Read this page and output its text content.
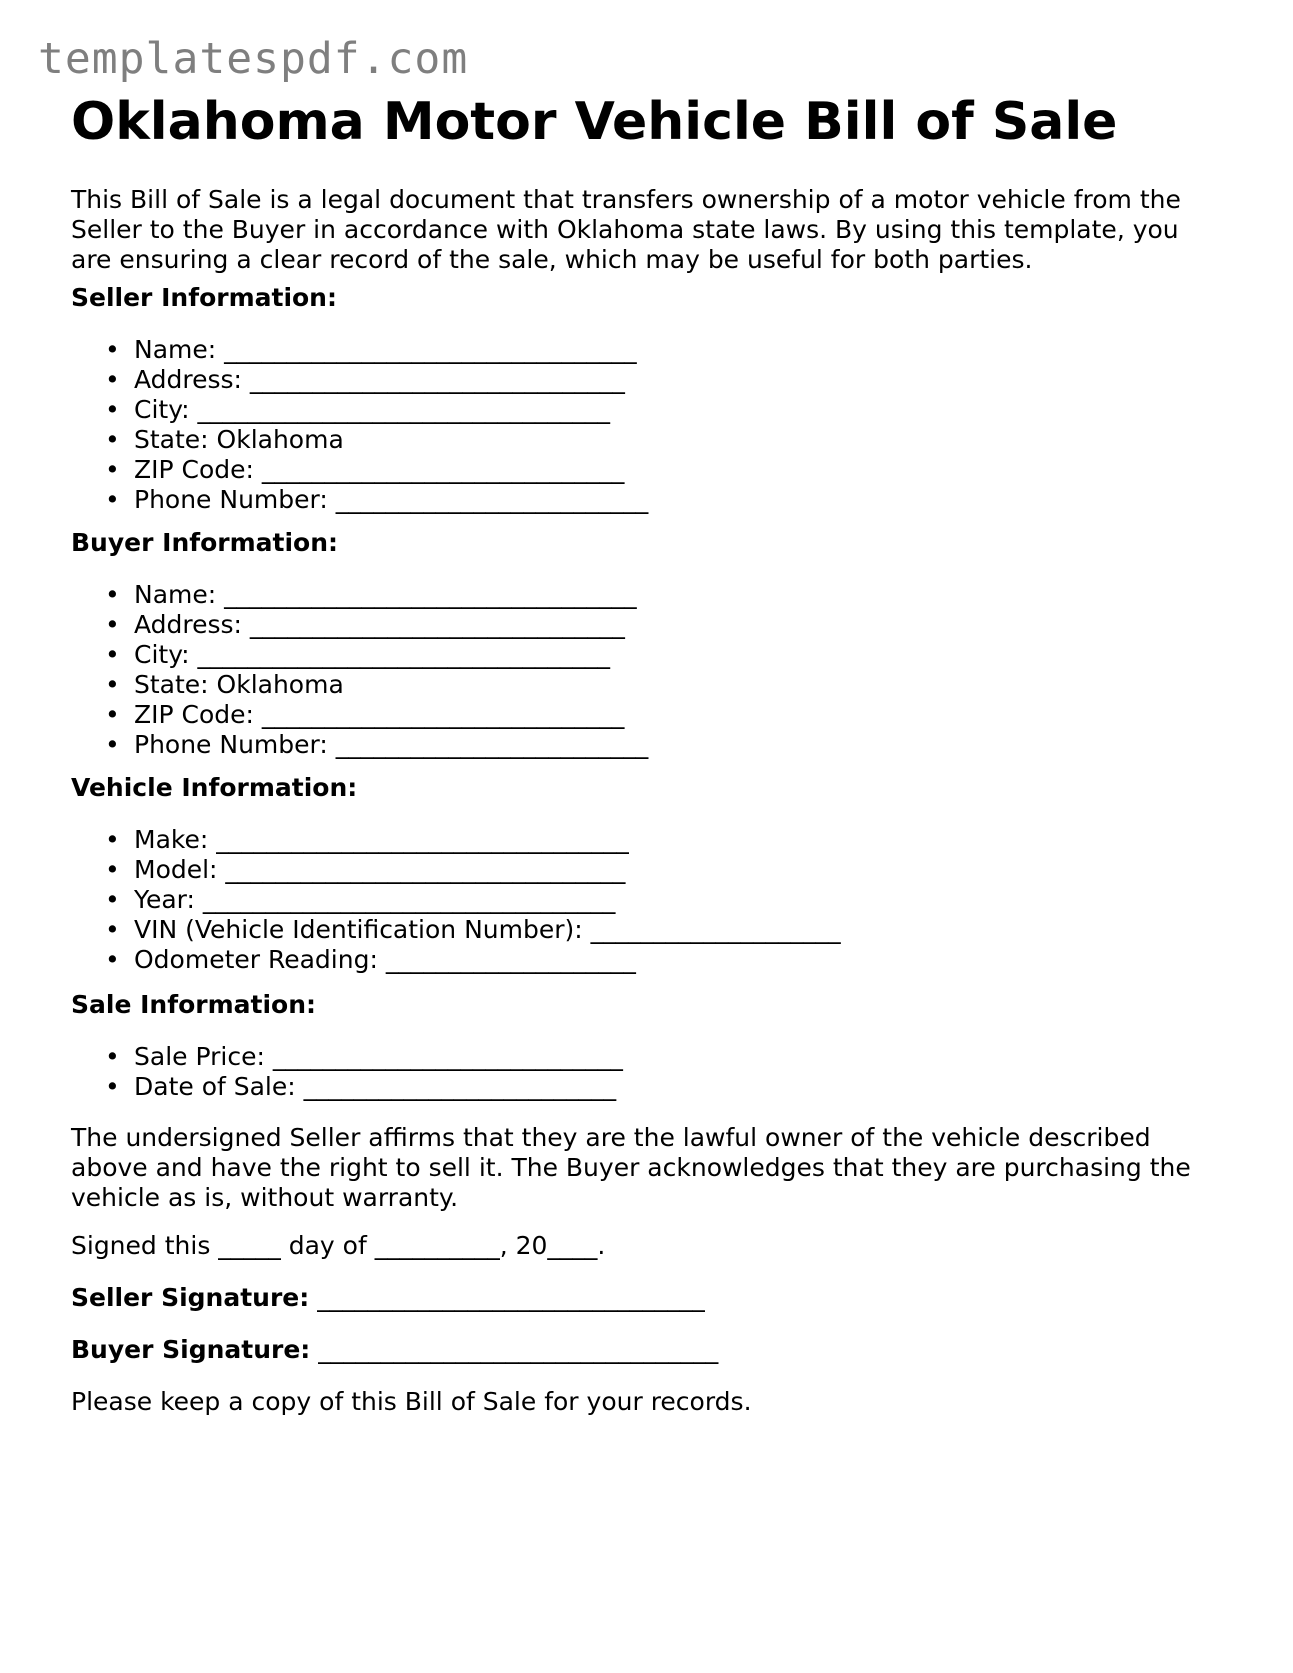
templatespdf.com
Oklahoma Motor Vehicle Bill of Sale

This Bill of Sale is a legal document that transfers ownership of a motor vehicle from the Seller to the Buyer in accordance with Oklahoma state laws. By using this template, you are ensuring a clear record of the sale, which may be useful for both parties.

Seller Information:
• Name: _________________________________
• Address: ______________________________
• City: _________________________________
• State: Oklahoma
• ZIP Code: _____________________________
• Phone Number: _________________________
Buyer Information:
• Name: _________________________________
• Address: ______________________________
• City: _________________________________
• State: Oklahoma
• ZIP Code: _____________________________
• Phone Number: _________________________
Vehicle Information:
• Make: _________________________________
• Model: ________________________________
• Year: _________________________________
• VIN (Vehicle Identification Number): ____________________
• Odometer Reading: ____________________
Sale Information:
• Sale Price: ____________________________
• Date of Sale: _________________________

The undersigned Seller affirms that they are the lawful owner of the vehicle described above and have the right to sell it. The Buyer acknowledges that they are purchasing the vehicle as is, without warranty.

Signed this _____ day of __________, 20____.

Seller Signature: _______________________________

Buyer Signature: ________________________________

Please keep a copy of this Bill of Sale for your records.
